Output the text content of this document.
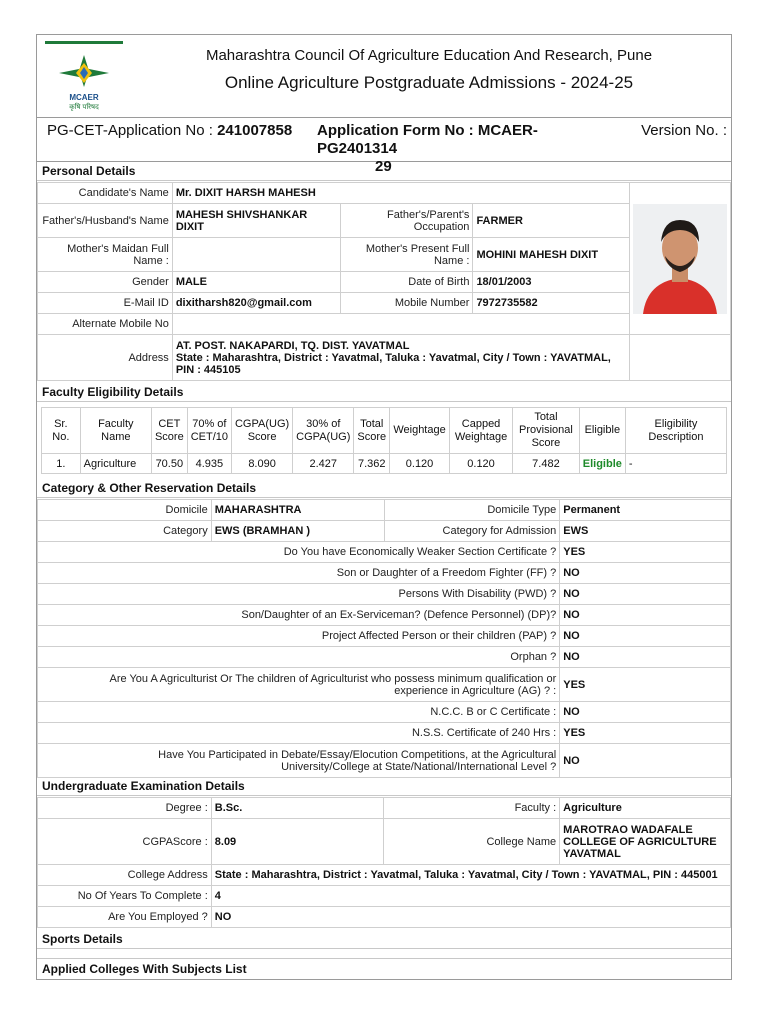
MCAER
कृषि परिषद
Maharashtra Council Of Agriculture Education And Research, Pune
Online Agriculture Postgraduate Admissions - 2024-25
PG-CET-Application No : 241007858 Application Form No : MCAER-PG2401314
29
Version No. :
Personal Details
Candidate's Name	Mr. DIXIT HARSH MAHESH	

Father's/Husband's Name	MAHESH SHIVSHANKAR DIXIT	Father's/Parent's Occupation	FARMER	
Mother's Maidan Full Name :		Mother's Present Full Name :	MOHINI MAHESH DIXIT	
Gender	MALE	Date of Birth	18/01/2003	
E-Mail ID	dixitharsh820@gmail.com	Mobile Number	7972735582	
Alternate Mobile No				
Address	AT. POST. NAKAPARDI, TQ. DIST. YAVATMAL
State : Maharashtra, District : Yavatmal, Taluka : Yavatmal, City / Town : YAVATMAL, PIN : 445105			

Faculty Eligibility Details
Sr. No.	Faculty Name	CET Score	70% of CET/10	CGPA(UG) Score	30% of CGPA(UG)	Total Score	Weightage	Capped Weightage	Total Provisional Score	Eligible	Eligibility Description
1.	Agriculture	70.50	4.935	8.090	2.427	7.362	0.120	0.120	7.482	Eligible	-
Category & Other Reservation Details
Domicile	MAHARASHTRA	Domicile Type	Permanent
Category	EWS (BRAMHAN )	Category for Admission	EWS
Do You have Economically Weaker Section Certificate ?			YES
Son or Daughter of a Freedom Fighter (FF) ?			NO
Persons With Disability (PWD) ?			NO
Son/Daughter of an Ex-Serviceman? (Defence Personnel) (DP)?			NO
Project Affected Person or their children (PAP) ?			NO
Orphan ?			NO
Are You A Agriculturist Or The children of Agriculturist who possess minimum qualification or experience in Agriculture (AG) ? :			YES
N.C.C. B or C Certificate :			NO
N.S.S. Certificate of 240 Hrs :			YES
Have You Participated in Debate/Essay/Elocution Competitions, at the Agricultural University/College at State/National/International Level ?			NO
Undergraduate Examination Details
Degree :	B.Sc.	Faculty :	Agriculture
CGPAScore :	8.09	College Name	MAROTRAO WADAFALE COLLEGE OF AGRICULTURE YAVATMAL
College Address	State : Maharashtra, District : Yavatmal, Taluka : Yavatmal, City / Town : YAVATMAL, PIN : 445001		
No Of Years To Complete :	4		
Are You Employed ?	NO		
Sports Details
Applied Colleges With Subjects List
